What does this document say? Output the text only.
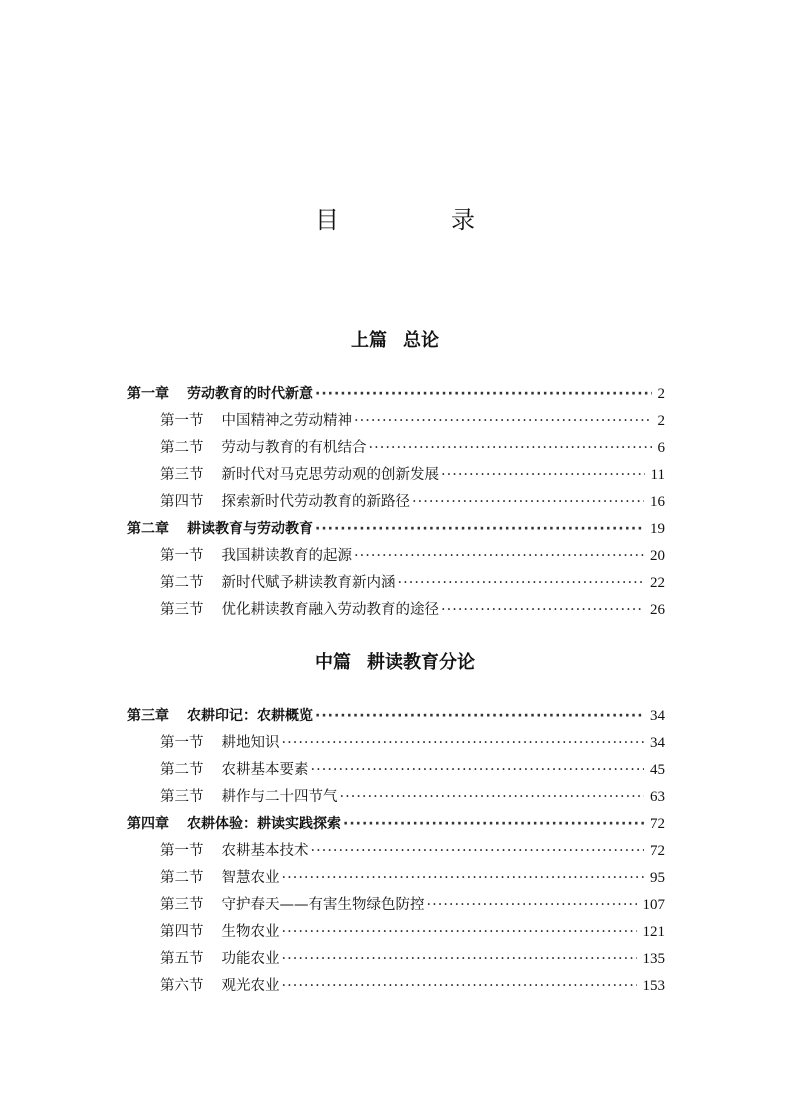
目　录
上篇 总论
中篇 耕读教育分论
第一章 劳动教育的时代新意 ·····	2
第一节 中国精神之劳动精神 ·····	2
第二节 劳动与教育的有机结合 ·····	6
第三节 新时代对马克思劳动观的创新发展 ·····	11
第四节 探索新时代劳动教育的新路径 ·····	16
第二章 耕读教育与劳动教育 ·····	19
第一节 我国耕读教育的起源 ·····	20
第二节 新时代赋予耕读教育新内涵 ·····	22
第三节 优化耕读教育融入劳动教育的途径 ·····	26
第三章 农耕印记：农耕概览 ·····	34
第一节 耕地知识 ·····	34
第二节 农耕基本要素 ·····	45
第三节 耕作与二十四节气 ·····	63
第四章 农耕体验：耕读实践探索 ·····	72
第一节 农耕基本技术 ·····	72
第二节 智慧农业 ·····	95
第三节 守护春天——有害生物绿色防控 ·····	107
第四节 生物农业 ·····	121
第五节 功能农业 ·····	135
第六节 观光农业 ·····	153
